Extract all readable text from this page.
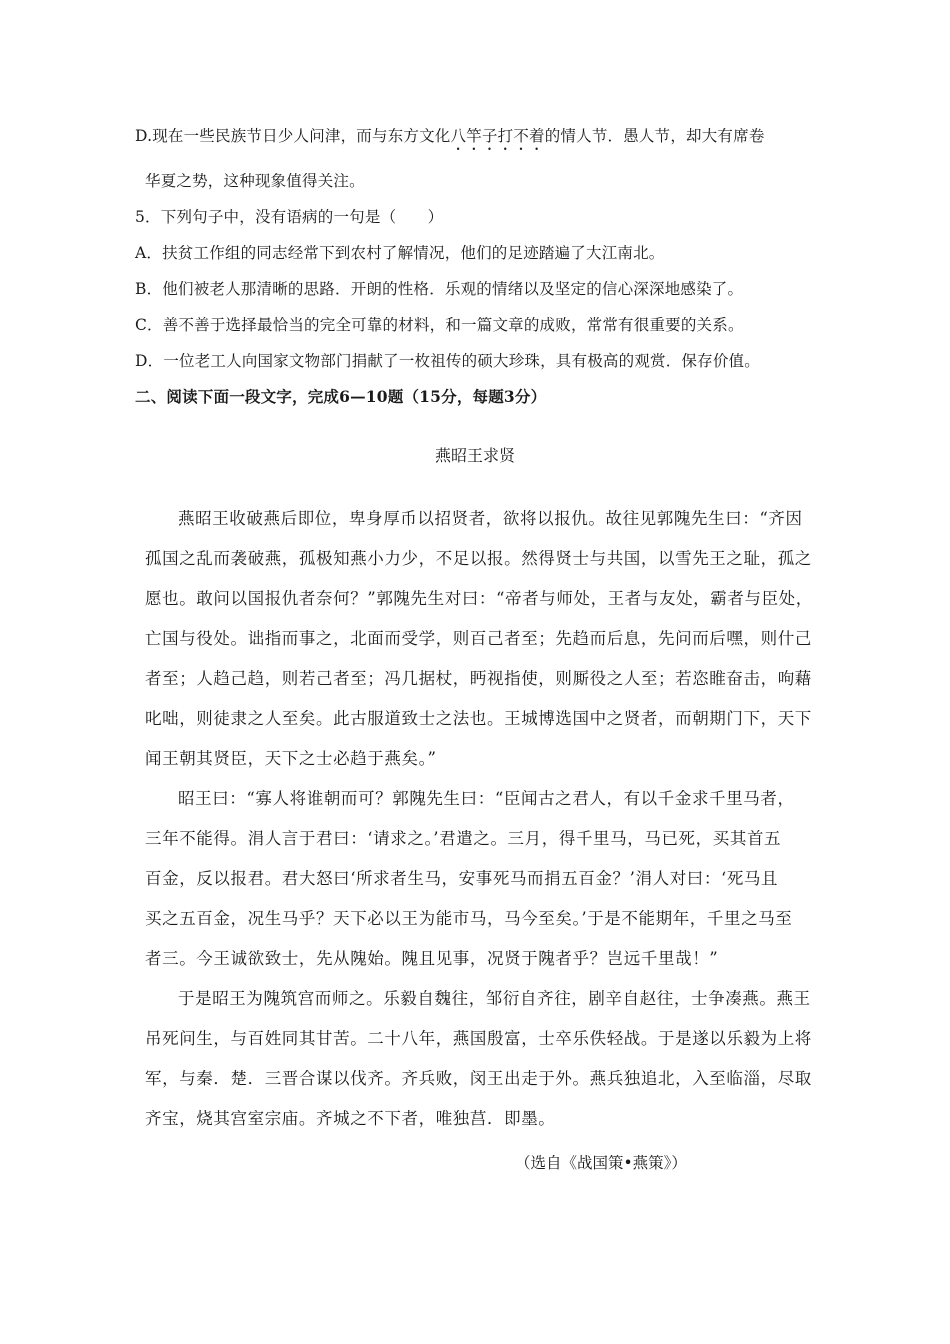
D.现在一些民族节日少人问津，而与东方文化八竿子打不着的情人节．愚人节，却大有席卷
华夏之势，这种现象值得关注。
5．下列句子中，没有语病的一句是（　　）
A．扶贫工作组的同志经常下到农村了解情况，他们的足迹踏遍了大江南北。
B．他们被老人那清晰的思路．开朗的性格．乐观的情绪以及坚定的信心深深地感染了。
C．善不善于选择最恰当的完全可靠的材料，和一篇文章的成败，常常有很重要的关系。
D．一位老工人向国家文物部门捐献了一枚祖传的硕大珍珠，具有极高的观赏．保存价值。
二、阅读下面一段文字，完成6—10题（15分，每题3分）
燕昭王求贤
燕昭王收破燕后即位，卑身厚币以招贤者，欲将以报仇。故往见郭隗先生曰：“齐因
孤国之乱而袭破燕，孤极知燕小力少，不足以报。然得贤士与共国，以雪先王之耻，孤之
愿也。敢问以国报仇者奈何？”郭隗先生对曰：“帝者与师处，王者与友处，霸者与臣处，
亡国与役处。诎指而事之，北面而受学，则百己者至；先趋而后息，先问而后嘿，则什己
者至；人趋己趋，则若己者至；冯几据杖，眄视指使，则厮役之人至；若恣睢奋击，呴藉
叱咄，则徒隶之人至矣。此古服道致士之法也。王城博选国中之贤者，而朝期门下，天下
闻王朝其贤臣，天下之士必趋于燕矣。”
昭王曰：“寡人将谁朝而可？郭隗先生曰：“臣闻古之君人，有以千金求千里马者，
三年不能得。涓人言于君曰：‘请求之。’君遣之。三月，得千里马，马已死，买其首五
百金，反以报君。君大怒曰‘所求者生马，安事死马而捐五百金？’涓人对曰：‘死马且
买之五百金，况生马乎？天下必以王为能市马，马今至矣。’于是不能期年，千里之马至
者三。今王诚欲致士，先从隗始。隗且见事，况贤于隗者乎？岂远千里哉！”
于是昭王为隗筑宫而师之。乐毅自魏往，邹衍自齐往，剧辛自赵往，士争凑燕。燕王
吊死问生，与百姓同其甘苦。二十八年，燕国殷富，士卒乐佚轻战。于是遂以乐毅为上将
军，与秦．楚．三晋合谋以伐齐。齐兵败，闵王出走于外。燕兵独追北，入至临淄，尽取
齐宝，烧其宫室宗庙。齐城之不下者，唯独莒．即墨。
（选自《战国策•燕策》）
